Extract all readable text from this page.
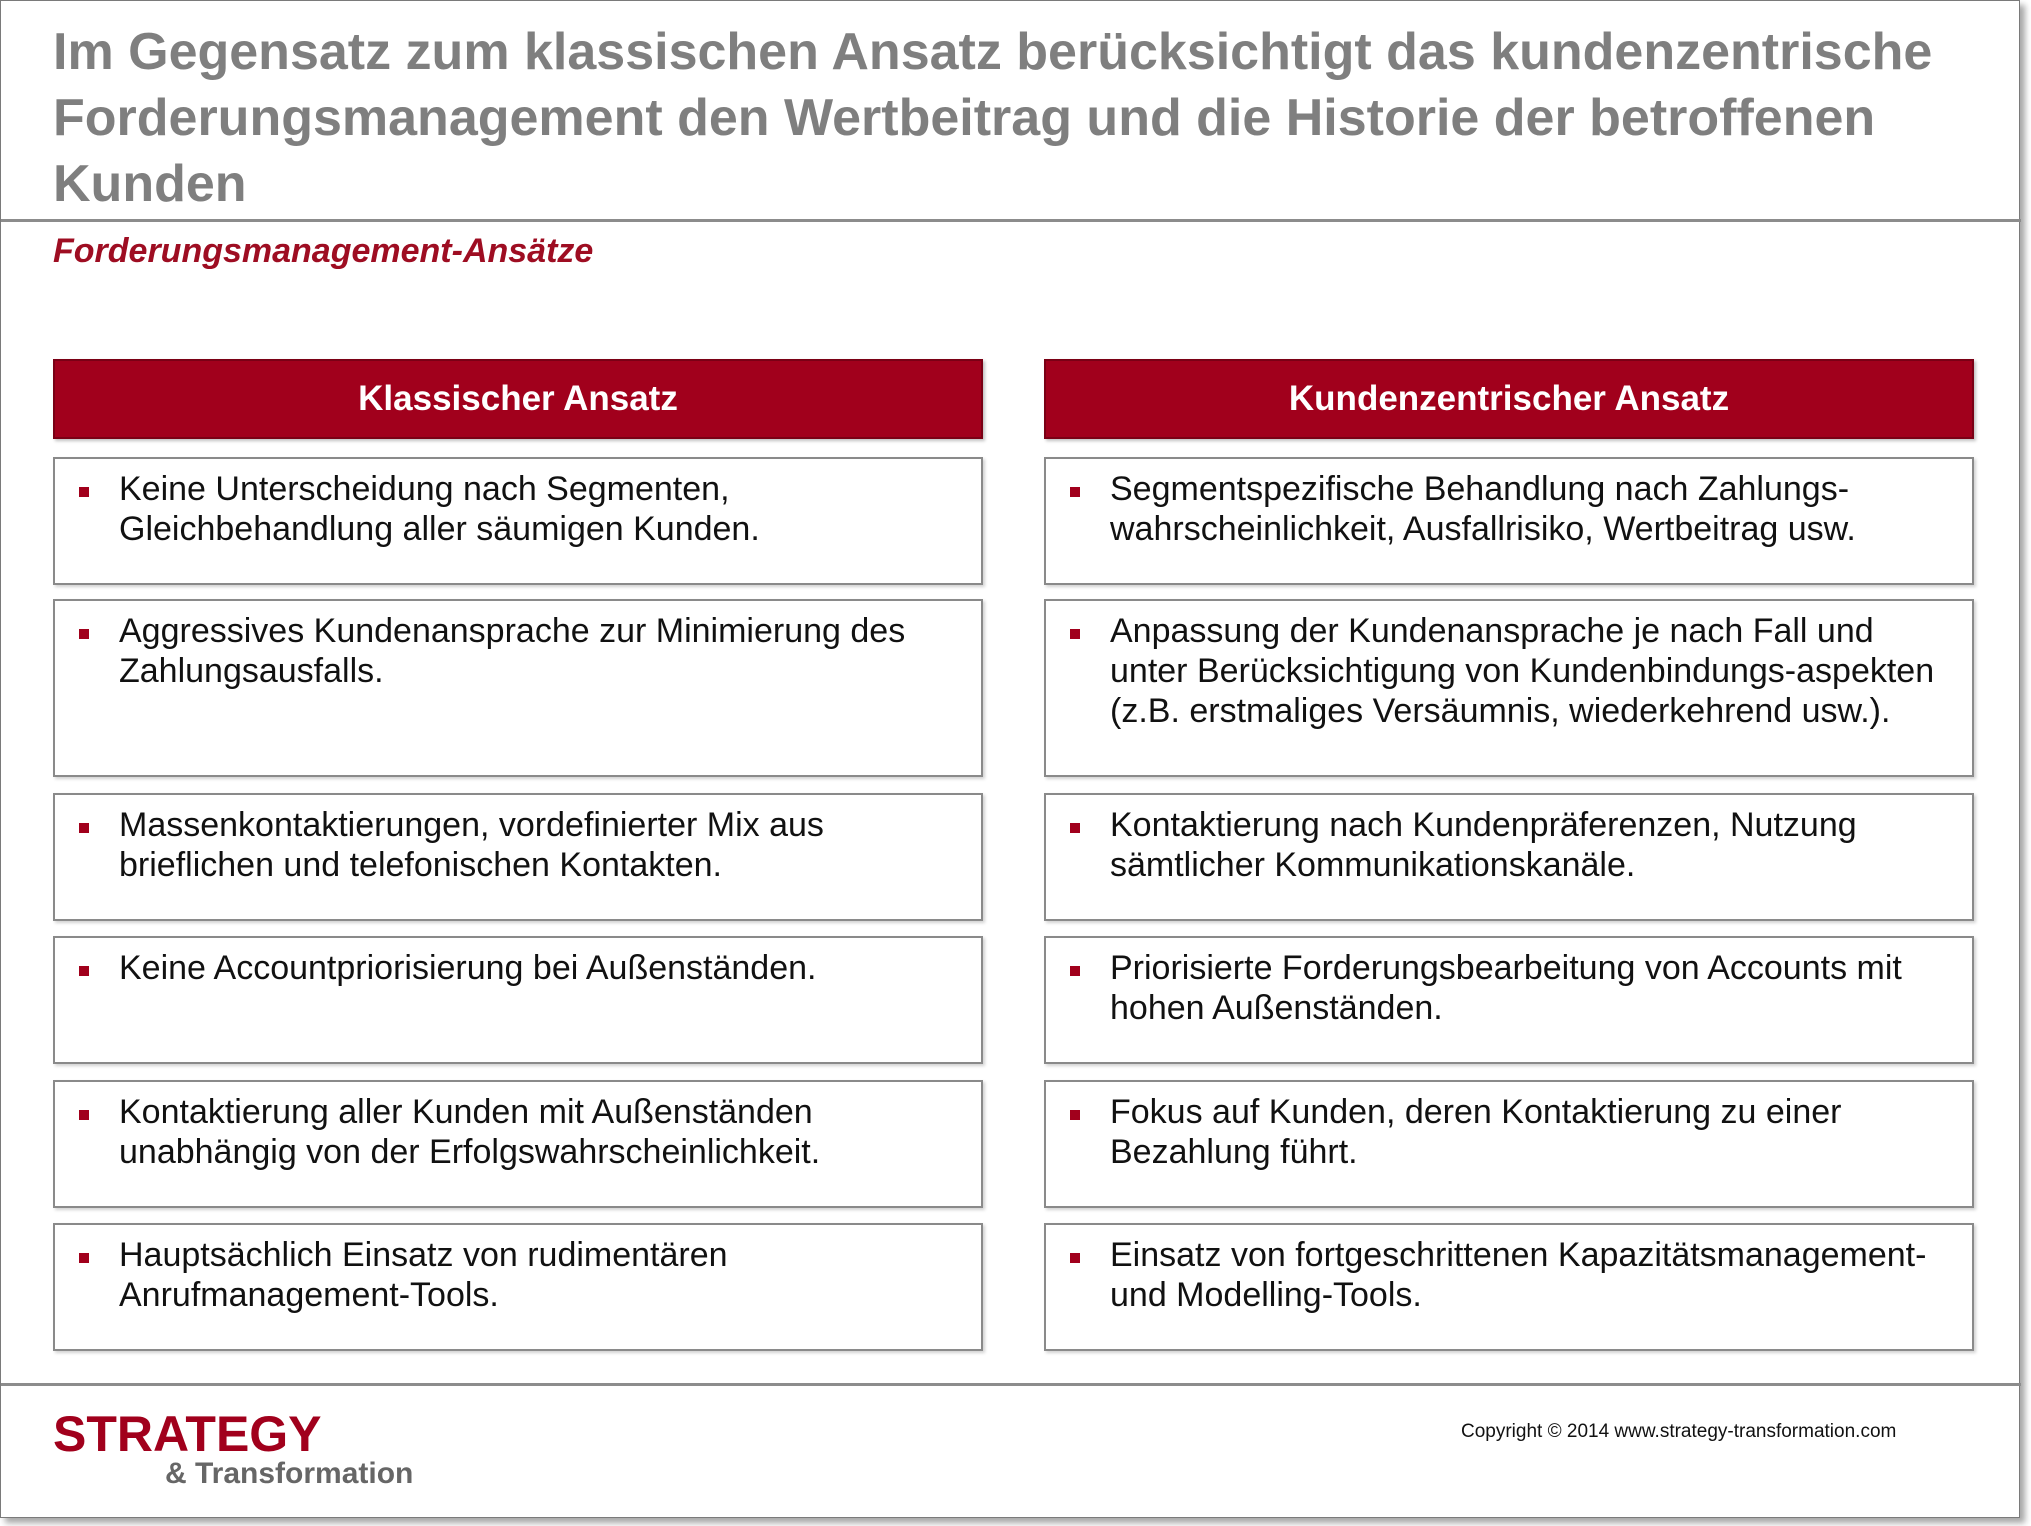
Im Gegensatz zum klassischen Ansatz berücksichtigt das kundenzentrische Forderungsmanagement den Wertbeitrag und die Historie der betroffenen Kunden
Forderungsmanagement-Ansätze
Klassischer Ansatz	Kundenzentrischer Ansatz
Keine Unterscheidung nach Segmenten, Gleichbehandlung aller säumigen Kunden.
Aggressives Kundenansprache zur Minimierung des Zahlungsausfalls.
Massenkontaktierungen, vordefinierter Mix aus brieflichen und telefonischen Kontakten.
Keine Accountpriorisierung bei Außenständen.
Kontaktierung aller Kunden mit Außenständen unabhängig von der Erfolgswahrscheinlichkeit.
Hauptsächlich Einsatz von rudimentären Anrufmanagement-Tools.
Segmentspezifische Behandlung nach Zahlungs-wahrscheinlichkeit, Ausfallrisiko, Wertbeitrag usw.
Anpassung der Kundenansprache je nach Fall und unter Berücksichtigung von Kundenbindungs-aspekten (z.B. erstmaliges Versäumnis, wiederkehrend usw.).
Kontaktierung nach Kundenpräferenzen, Nutzung sämtlicher Kommunikationskanäle.
Priorisierte Forderungsbearbeitung von Accounts mit hohen Außenständen.
Fokus auf Kunden, deren Kontaktierung zu einer Bezahlung führt.
Einsatz von fortgeschrittenen Kapazitätsmanagement- und Modelling-Tools.
STRATEGY
& Transformation
Copyright © 2014 www.strategy-transformation.com
